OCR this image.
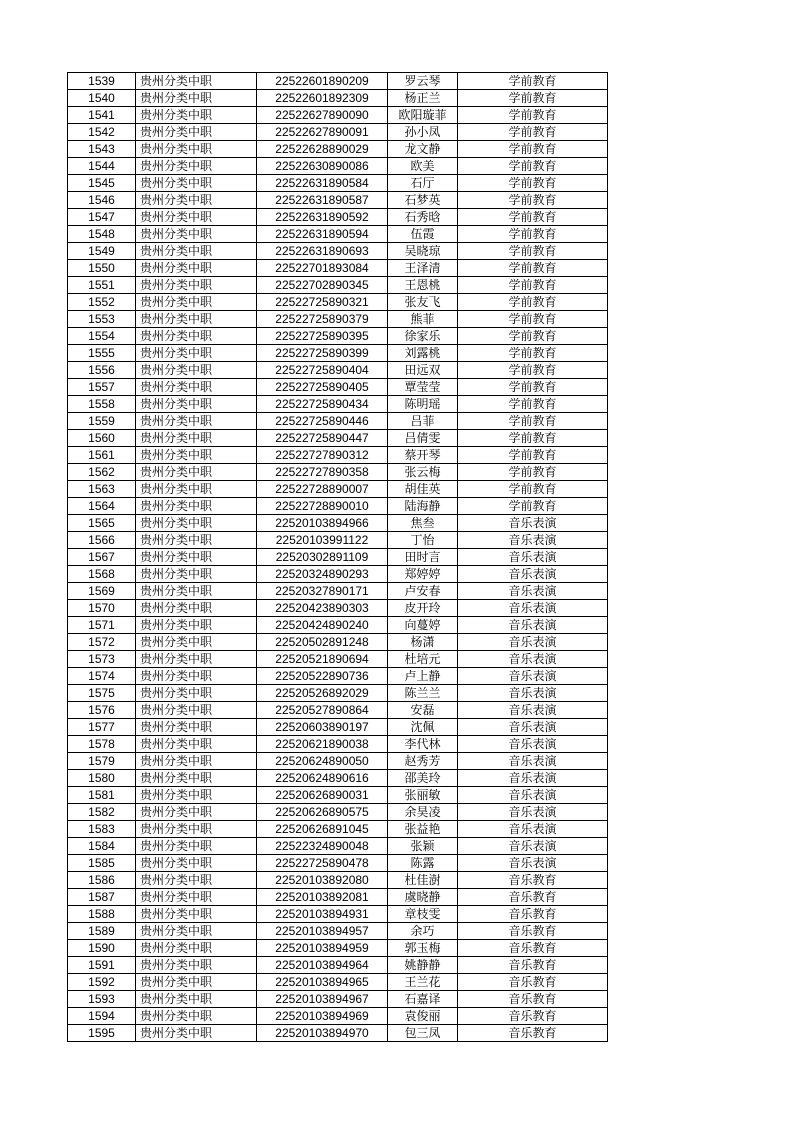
1539	贵州分类中职	22522601890209	罗云琴	学前教育
1540	贵州分类中职	22522601892309	杨正兰	学前教育
1541	贵州分类中职	22522627890090	欧阳璇菲	学前教育
1542	贵州分类中职	22522627890091	孙小凤	学前教育
1543	贵州分类中职	22522628890029	龙文静	学前教育
1544	贵州分类中职	22522630890086	欧美	学前教育
1545	贵州分类中职	22522631890584	石厅	学前教育
1546	贵州分类中职	22522631890587	石梦英	学前教育
1547	贵州分类中职	22522631890592	石秀晗	学前教育
1548	贵州分类中职	22522631890594	伍霞	学前教育
1549	贵州分类中职	22522631890693	吴晓琼	学前教育
1550	贵州分类中职	22522701893084	王泽清	学前教育
1551	贵州分类中职	22522702890345	王恩桃	学前教育
1552	贵州分类中职	22522725890321	张友飞	学前教育
1553	贵州分类中职	22522725890379	熊菲	学前教育
1554	贵州分类中职	22522725890395	徐家乐	学前教育
1555	贵州分类中职	22522725890399	刘露桃	学前教育
1556	贵州分类中职	22522725890404	田远双	学前教育
1557	贵州分类中职	22522725890405	覃莹莹	学前教育
1558	贵州分类中职	22522725890434	陈明瑶	学前教育
1559	贵州分类中职	22522725890446	吕菲	学前教育
1560	贵州分类中职	22522725890447	吕倩雯	学前教育
1561	贵州分类中职	22522727890312	蔡开琴	学前教育
1562	贵州分类中职	22522727890358	张云梅	学前教育
1563	贵州分类中职	22522728890007	胡佳英	学前教育
1564	贵州分类中职	22522728890010	陆海静	学前教育
1565	贵州分类中职	22520103894966	焦叁	音乐表演
1566	贵州分类中职	22520103991122	丁怡	音乐表演
1567	贵州分类中职	22520302891109	田时言	音乐表演
1568	贵州分类中职	22520324890293	郑婷婷	音乐表演
1569	贵州分类中职	22520327890171	卢安春	音乐表演
1570	贵州分类中职	22520423890303	皮开玲	音乐表演
1571	贵州分类中职	22520424890240	向蔓婷	音乐表演
1572	贵州分类中职	22520502891248	杨潇	音乐表演
1573	贵州分类中职	22520521890694	杜培元	音乐表演
1574	贵州分类中职	22520522890736	卢上静	音乐表演
1575	贵州分类中职	22520526892029	陈兰兰	音乐表演
1576	贵州分类中职	22520527890864	安磊	音乐表演
1577	贵州分类中职	22520603890197	沈佩	音乐表演
1578	贵州分类中职	22520621890038	李代林	音乐表演
1579	贵州分类中职	22520624890050	赵秀芳	音乐表演
1580	贵州分类中职	22520624890616	邵美玲	音乐表演
1581	贵州分类中职	22520626890031	张丽敏	音乐表演
1582	贵州分类中职	22520626890575	余昊凌	音乐表演
1583	贵州分类中职	22520626891045	张益艳	音乐表演
1584	贵州分类中职	22522324890048	张颖	音乐表演
1585	贵州分类中职	22522725890478	陈露	音乐表演
1586	贵州分类中职	22520103892080	杜佳澍	音乐教育
1587	贵州分类中职	22520103892081	虞晓静	音乐教育
1588	贵州分类中职	22520103894931	章枝雯	音乐教育
1589	贵州分类中职	22520103894957	余巧	音乐教育
1590	贵州分类中职	22520103894959	郭玉梅	音乐教育
1591	贵州分类中职	22520103894964	姚静静	音乐教育
1592	贵州分类中职	22520103894965	王兰花	音乐教育
1593	贵州分类中职	22520103894967	石嘉译	音乐教育
1594	贵州分类中职	22520103894969	袁俊丽	音乐教育
1595	贵州分类中职	22520103894970	包三凤	音乐教育
